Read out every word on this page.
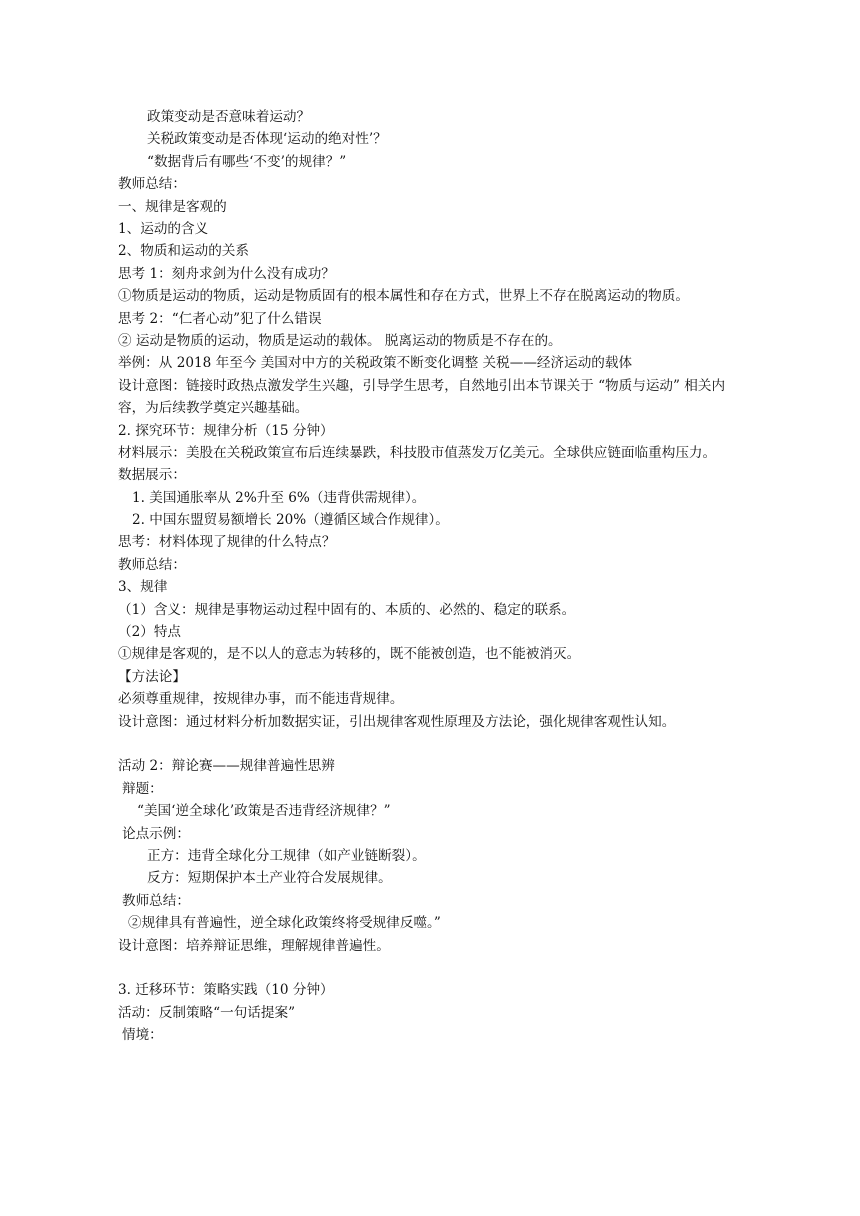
政策变动是否意味着运动？
关税政策变动是否体现‘运动的绝对性’？
“数据背后有哪些‘不变’的规律？”
教师总结：
一、规律是客观的
1、运动的含义
2、物质和运动的关系
思考 1：刻舟求剑为什么没有成功？
①物质是运动的物质，运动是物质固有的根本属性和存在方式，世界上不存在脱离运动的物质。
思考 2：“仁者心动”犯了什么错误
② 运动是物质的运动，物质是运动的载体。 脱离运动的物质是不存在的。
举例：从 2018 年至今 美国对中方的关税政策不断变化调整 关税——经济运动的载体
设计意图：链接时政热点激发学生兴趣，引导学生思考，自然地引出本节课关于 “物质与运动” 相关内容，为后续教学奠定兴趣基础。
2. 探究环节：规律分析（15 分钟）
材料展示：美股在关税政策宣布后连续暴跌，科技股市值蒸发万亿美元。全球供应链面临重构压力。
数据展示：
1. 美国通胀率从 2%升至 6%（违背供需规律）。
2. 中国东盟贸易额增长 20%（遵循区域合作规律）。
思考：材料体现了规律的什么特点？
教师总结：
3、规律
（1）含义：规律是事物运动过程中固有的、本质的、必然的、稳定的联系。
（2）特点
①规律是客观的，是不以人的意志为转移的，既不能被创造，也不能被消灭。
【方法论】
必须尊重规律，按规律办事，而不能违背规律。
设计意图：通过材料分析加数据实证，引出规律客观性原理及方法论，强化规律客观性认知。
活动 2：辩论赛——规律普遍性思辨
辩题：
“美国‘逆全球化’政策是否违背经济规律？”
论点示例：
正方：违背全球化分工规律（如产业链断裂）。
反方：短期保护本土产业符合发展规律。
教师总结：
②规律具有普遍性，逆全球化政策终将受规律反噬。”
设计意图：培养辩证思维，理解规律普遍性。
3. 迁移环节：策略实践（10 分钟）
活动：反制策略“一句话提案”
情境：
